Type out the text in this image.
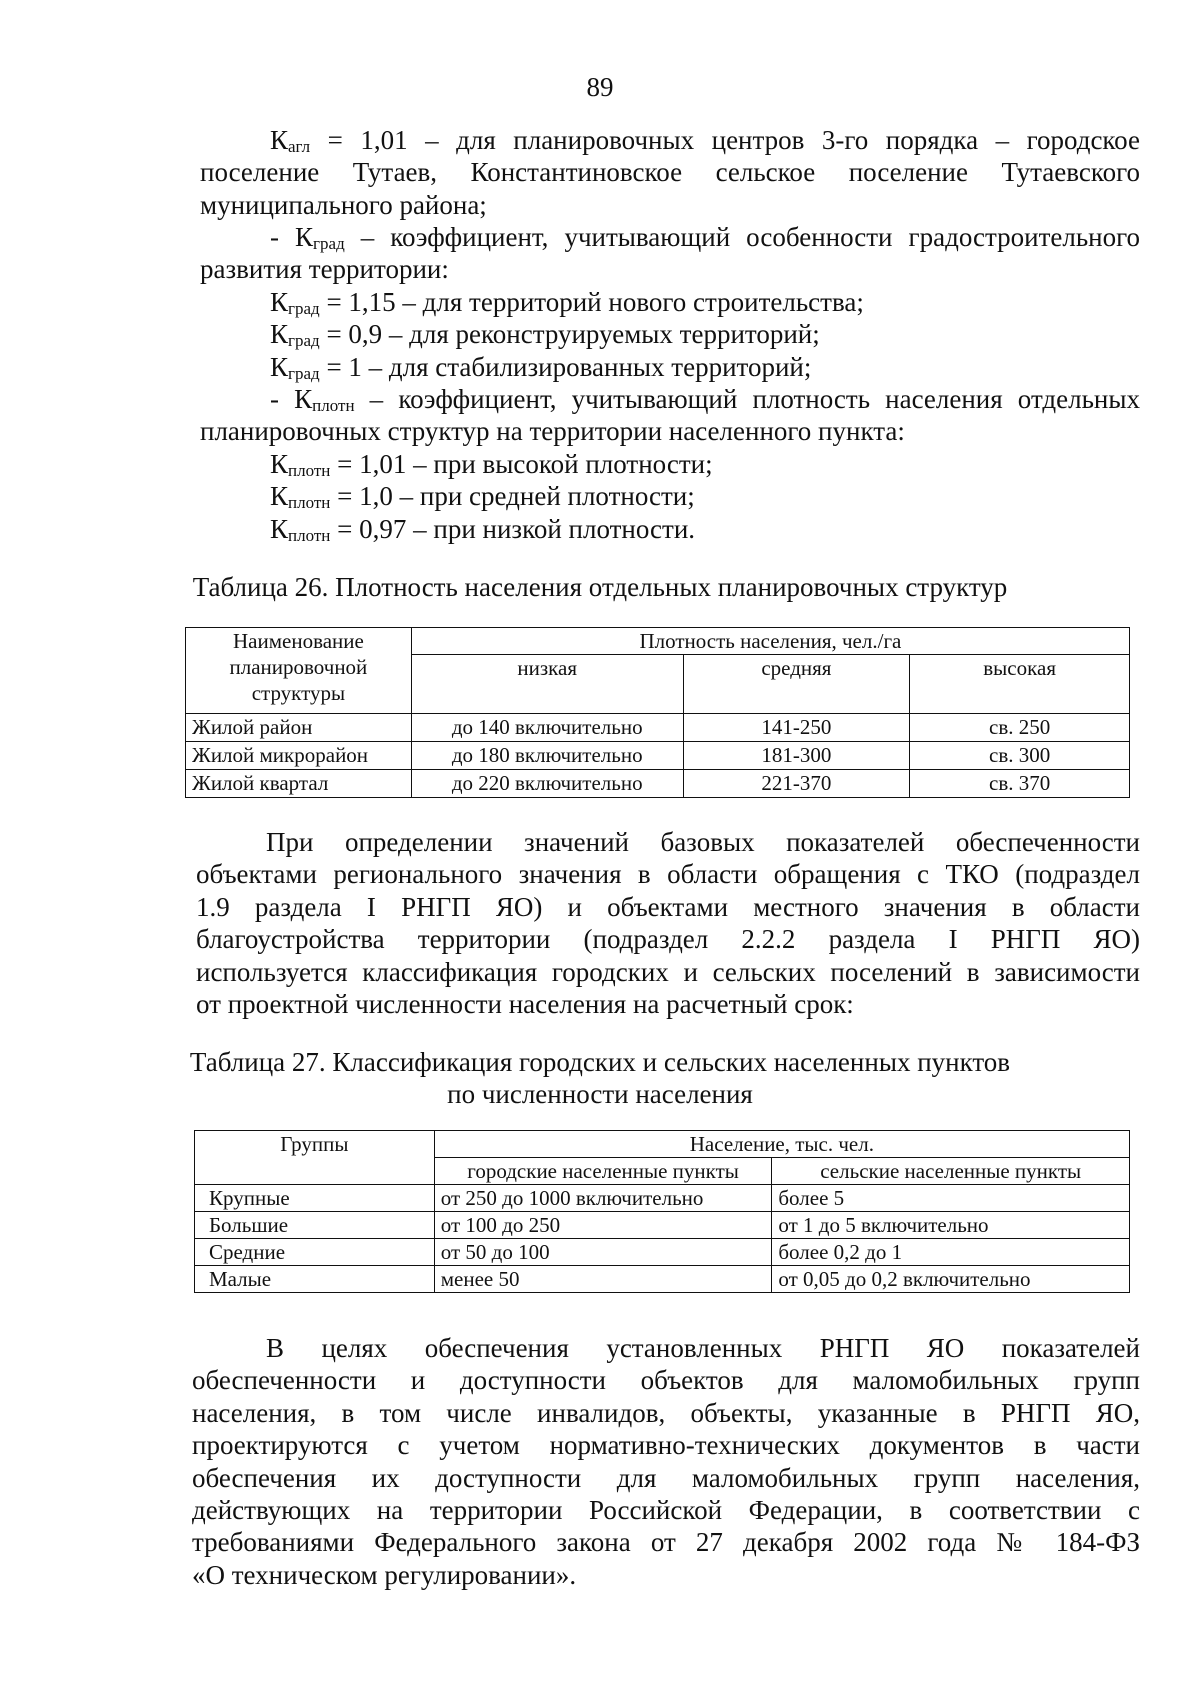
89
$К_{агл} = 1,01$ – для планировочных центров 3-го порядка – городское
поселение Тутаев, Константиновское сельское поселение Тутаевского
муниципального района;
- $К_{град}$ – коэффициент, учитывающий особенности градостроительного
развития территории:
$К_{град} = 1,15$ – для территорий нового строительства;
$К_{град} = 0,9$ – для реконструируемых территорий;
$К_{град} = 1$ – для стабилизированных территорий;
- $К_{плотн}$ – коэффициент, учитывающий плотность населения отдельных
планировочных структур на территории населенного пункта:
$К_{плотн} = 1,01$ – при высокой плотности;
$К_{плотн} = 1,0$ – при средней плотности;
$К_{плотн} = 0,97$ – при низкой плотности.
Таблица 26. Плотность населения отдельных планировочных структур
Наименование планировочной структуры	Плотность населения, чел./га		
	низкая	средняя	высокая
Жилой район	до 140 включительно	141-250	св. 250
Жилой микрорайон	до 180 включительно	181-300	св. 300
Жилой квартал	до 220 включительно	221-370	св. 370
При определении значений базовых показателей обеспеченности
объектами регионального значения в области обращения с ТКО (подраздел
1.9 раздела I РНГП ЯО) и объектами местного значения в области
благоустройства территории (подраздел 2.2.2 раздела I РНГП ЯО)
используется классификация городских и сельских поселений в зависимости
от проектной численности населения на расчетный срок:
Таблица 27. Классификация городских и сельских населенных пунктов
по численности населения
Группы	Население, тыс. чел.	
	городские населенные пункты	сельские населенные пункты
Крупные	от 250 до 1000 включительно	более 5
Большие	от 100 до 250	от 1 до 5 включительно
Средние	от 50 до 100	более 0,2 до 1
Малые	менее 50	от 0,05 до 0,2 включительно
В целях обеспечения установленных РНГП ЯО показателей
обеспеченности и доступности объектов для маломобильных групп
населения, в том числе инвалидов, объекты, указанные в РНГП ЯО,
проектируются с учетом нормативно-технических документов в части
обеспечения их доступности для маломобильных групп населения,
действующих на территории Российской Федерации, в соответствии с
требованиями Федерального закона от 27 декабря 2002 года № 184-ФЗ
«О техническом регулировании».
